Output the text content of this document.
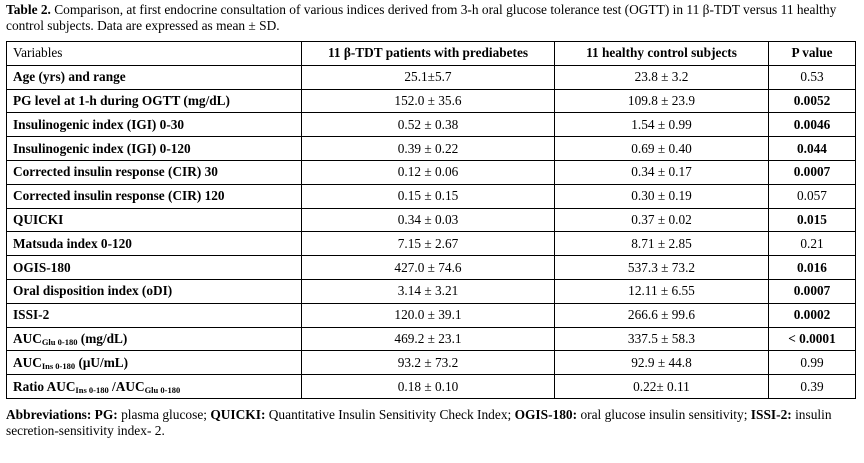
Table 2. Comparison, at first endocrine consultation of various indices derived from 3-h oral glucose tolerance test (OGTT) in 11 β-TDT versus 11 healthy control subjects. Data are expressed as mean ± SD.
Variables	11 β-TDT patients with prediabetes	11 healthy control subjects	P value
Age (yrs) and range	25.1±5.7	23.8 ± 3.2	0.53
PG level at 1-h during OGTT (mg/dL)	152.0 ± 35.6	109.8 ± 23.9	0.0052
Insulinogenic index (IGI) 0-30	0.52 ± 0.38	1.54 ± 0.99	0.0046
Insulinogenic index (IGI) 0-120	0.39 ± 0.22	0.69 ± 0.40	0.044
Corrected insulin response (CIR) 30	0.12 ± 0.06	0.34 ± 0.17	0.0007
Corrected insulin response (CIR) 120	0.15 ± 0.15	0.30 ± 0.19	0.057
QUICKI	0.34 ± 0.03	0.37 ± 0.02	0.015
Matsuda index 0-120	7.15 ± 2.67	8.71 ± 2.85	0.21
OGIS-180	427.0 ± 74.6	537.3 ± 73.2	0.016
Oral disposition index (oDI)	3.14 ± 3.21	12.11 ± 6.55	0.0007
ISSI-2	120.0 ± 39.1	266.6 ± 99.6	0.0002
$AUC_{Glu 0-180}$ (mg/dL)	469.2 ± 23.1	337.5 ± 58.3	< 0.0001
$AUC_{Ins 0-180}$ (μU/mL)	93.2 ± 73.2	92.9 ± 44.8	0.99
Ratio $AUC_{Ins 0-180}$ $/AUC_{Glu 0-180}$	0.18 ± 0.10	0.22± 0.11	0.39
Abbreviations: PG: plasma glucose; QUICKI: Quantitative Insulin Sensitivity Check Index; OGIS-180: oral glucose insulin sensitivity; ISSI-2: insulin secretion-sensitivity index- 2.
